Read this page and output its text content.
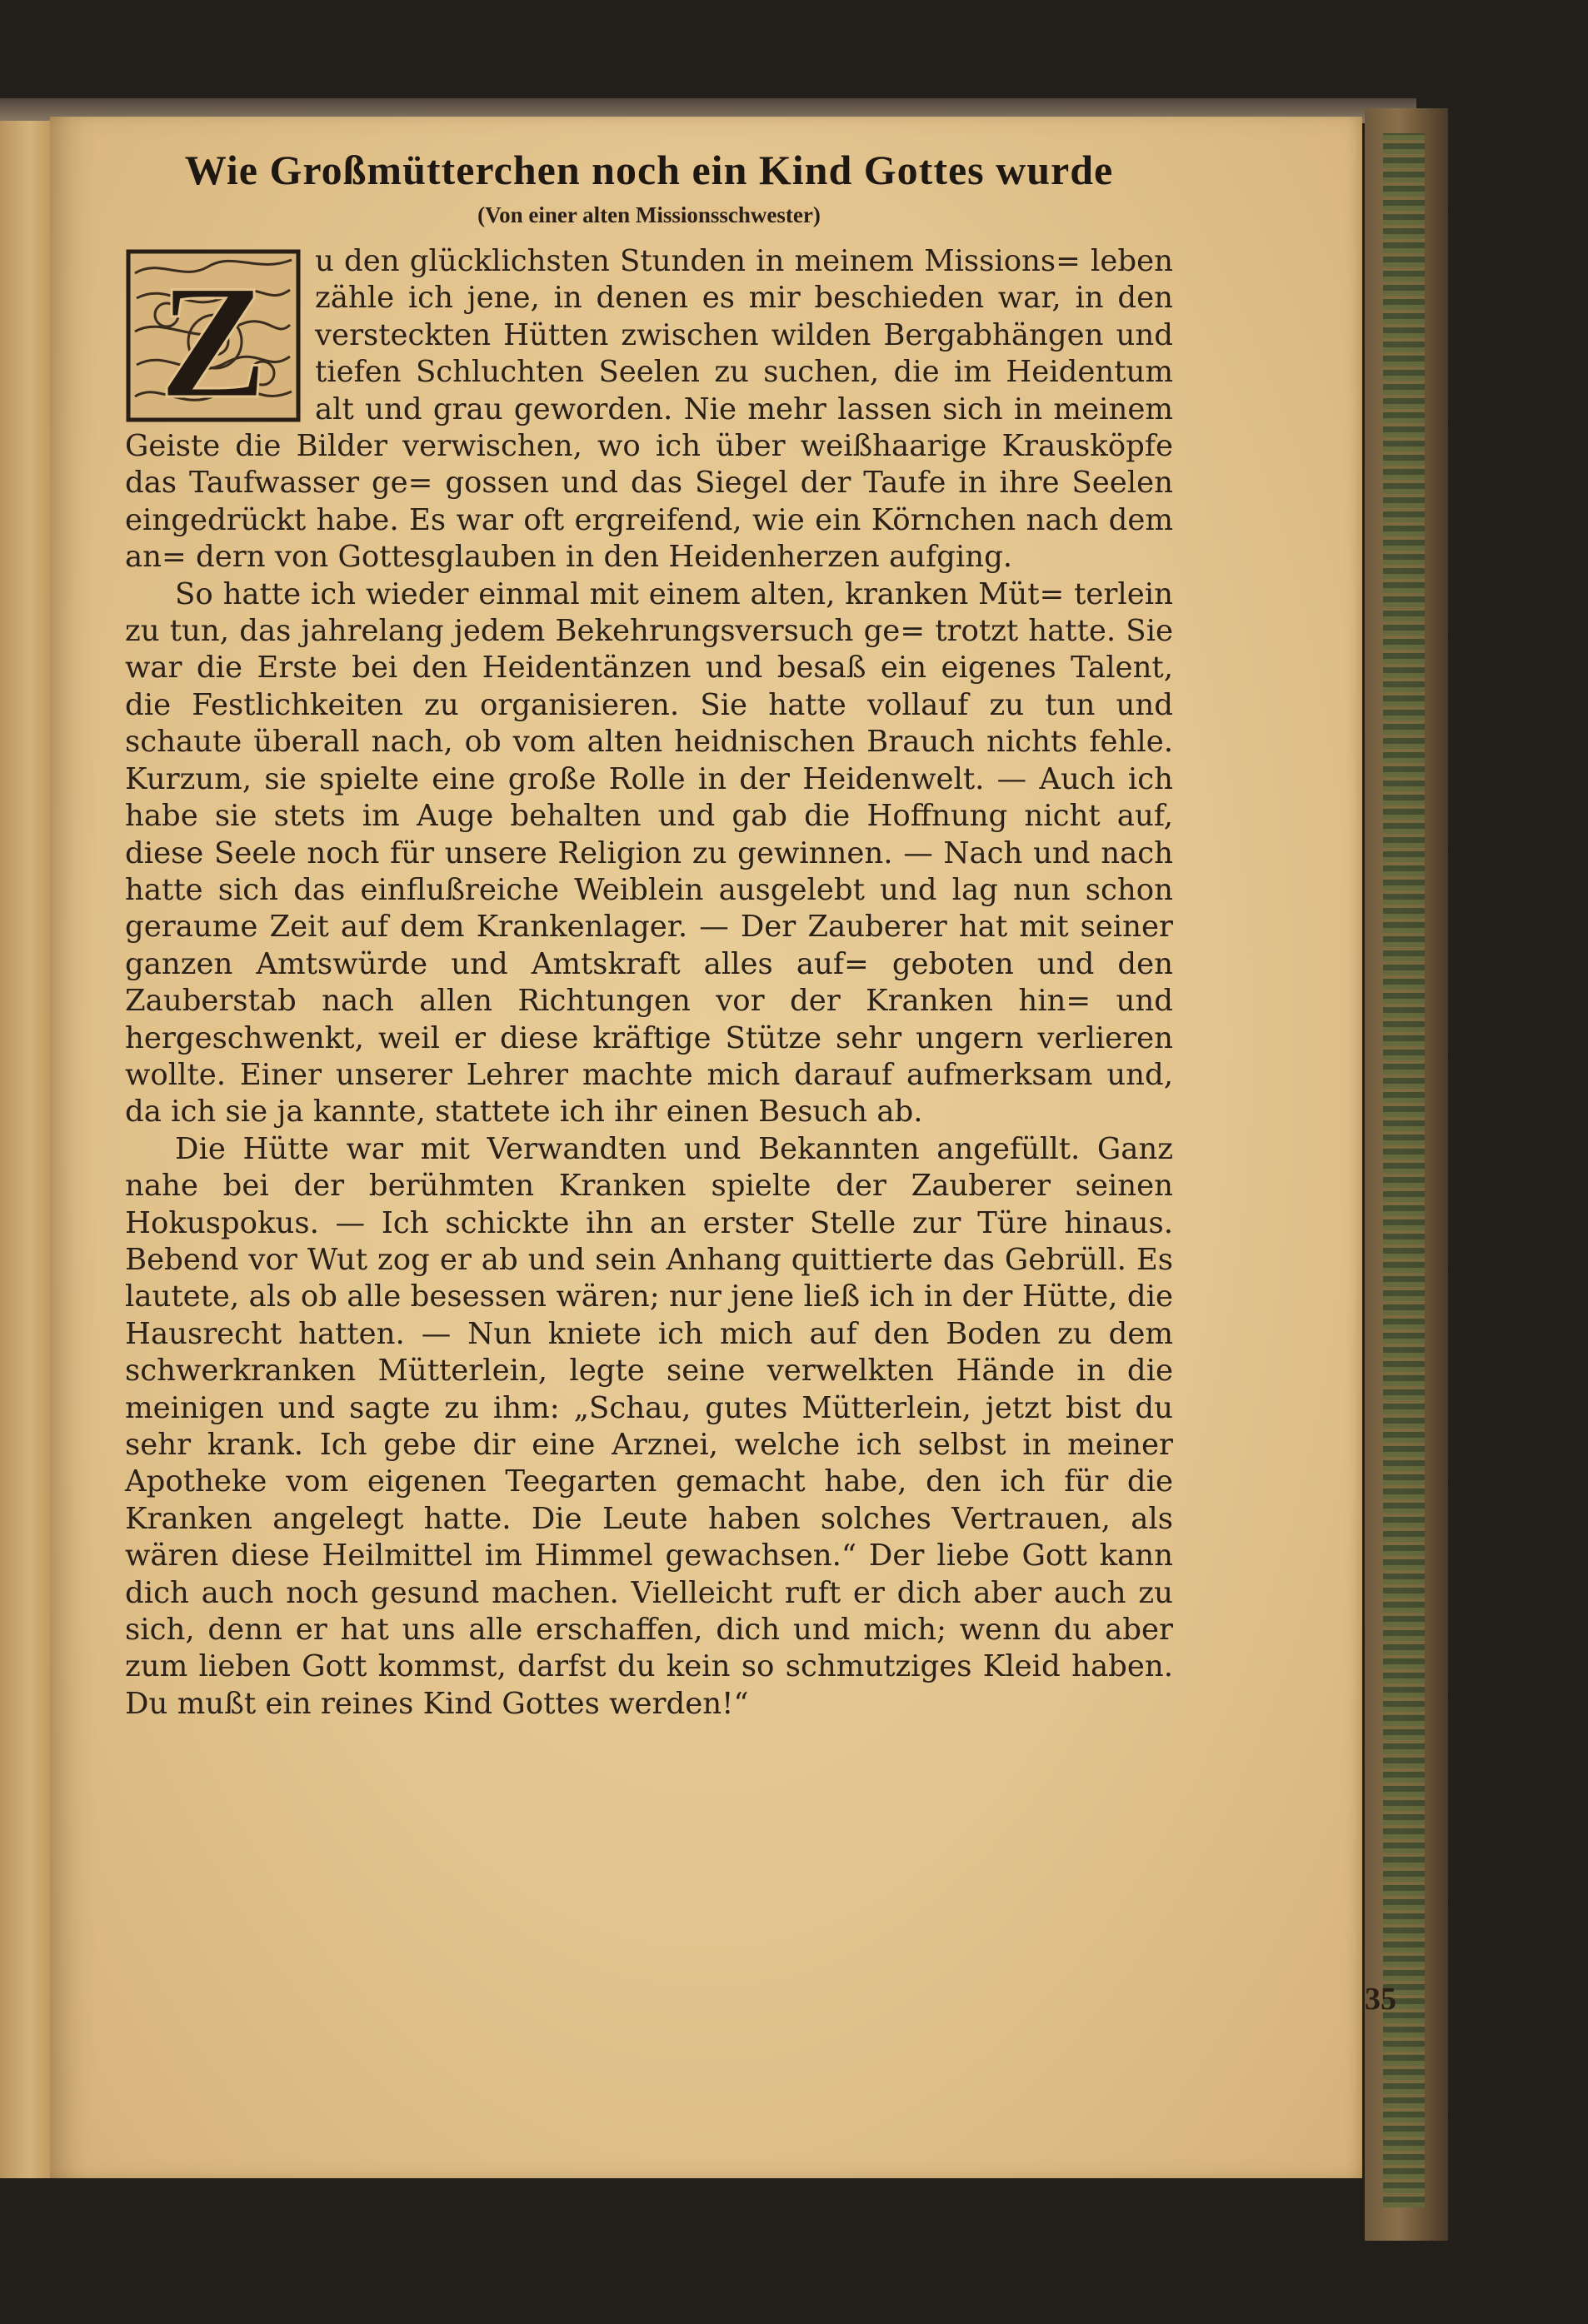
Wie Großmütterchen noch ein Kind Gottes wurde

(Von einer alten Missionsschwester)

Z	u den glücklichsten Stunden in meinem Missions= leben zähle ich jene, in denen es mir beschieden war, in den versteckten Hütten zwischen wilden Bergabhängen und tiefen Schluchten Seelen zu suchen, die im Heidentum alt und grau geworden. Nie mehr lassen sich in meinem Geiste die Bilder verwischen, wo ich über weißhaarige Krausköpfe das Taufwasser ge= gossen und das Siegel der Taufe in ihre Seelen eingedrückt habe. Es war oft ergreifend, wie ein Körnchen nach dem an= dern von Gottesglauben in den Heidenherzen aufging.

So hatte ich wieder einmal mit einem alten, kranken Müt= terlein zu tun, das jahrelang jedem Bekehrungsversuch ge= trotzt hatte. Sie war die Erste bei den Heidentänzen und besaß ein eigenes Talent, die Festlichkeiten zu organisieren. Sie hatte vollauf zu tun und schaute überall nach, ob vom alten heidnischen Brauch nichts fehle. Kurzum, sie spielte eine große Rolle in der Heidenwelt. — Auch ich habe sie stets im Auge behalten und gab die Hoffnung nicht auf, diese Seele noch für unsere Religion zu gewinnen. — Nach und nach hatte sich das einflußreiche Weiblein ausgelebt und lag nun schon geraume Zeit auf dem Krankenlager. — Der Zauberer hat mit seiner ganzen Amtswürde und Amtskraft alles auf= geboten und den Zauberstab nach allen Richtungen vor der Kranken hin= und hergeschwenkt, weil er diese kräftige Stütze sehr ungern verlieren wollte. Einer unserer Lehrer machte mich darauf aufmerksam und, da ich sie ja kannte, stattete ich ihr einen Besuch ab.

Die Hütte war mit Verwandten und Bekannten angefüllt. Ganz nahe bei der berühmten Kranken spielte der Zauberer seinen Hokuspokus. — Ich schickte ihn an erster Stelle zur Türe hinaus. Bebend vor Wut zog er ab und sein Anhang quittierte das Gebrüll. Es lautete, als ob alle besessen wären; nur jene ließ ich in der Hütte, die Hausrecht hatten. — Nun kniete ich mich auf den Boden zu dem schwerkranken Mütterlein, legte seine verwelkten Hände in die meinigen und sagte zu ihm: „Schau, gutes Mütterlein, jetzt bist du sehr krank. Ich gebe dir eine Arznei, welche ich selbst in meiner Apotheke vom eigenen Teegarten gemacht habe, den ich für die Kranken angelegt hatte. Die Leute haben solches Vertrauen, als wären diese Heilmittel im Himmel gewachsen.“ Der liebe Gott kann dich auch noch gesund machen. Vielleicht ruft er dich aber auch zu sich, denn er hat uns alle erschaffen, dich und mich; wenn du aber zum lieben Gott kommst, darfst du kein so schmutziges Kleid haben. Du mußt ein reines Kind Gottes werden!“

35
